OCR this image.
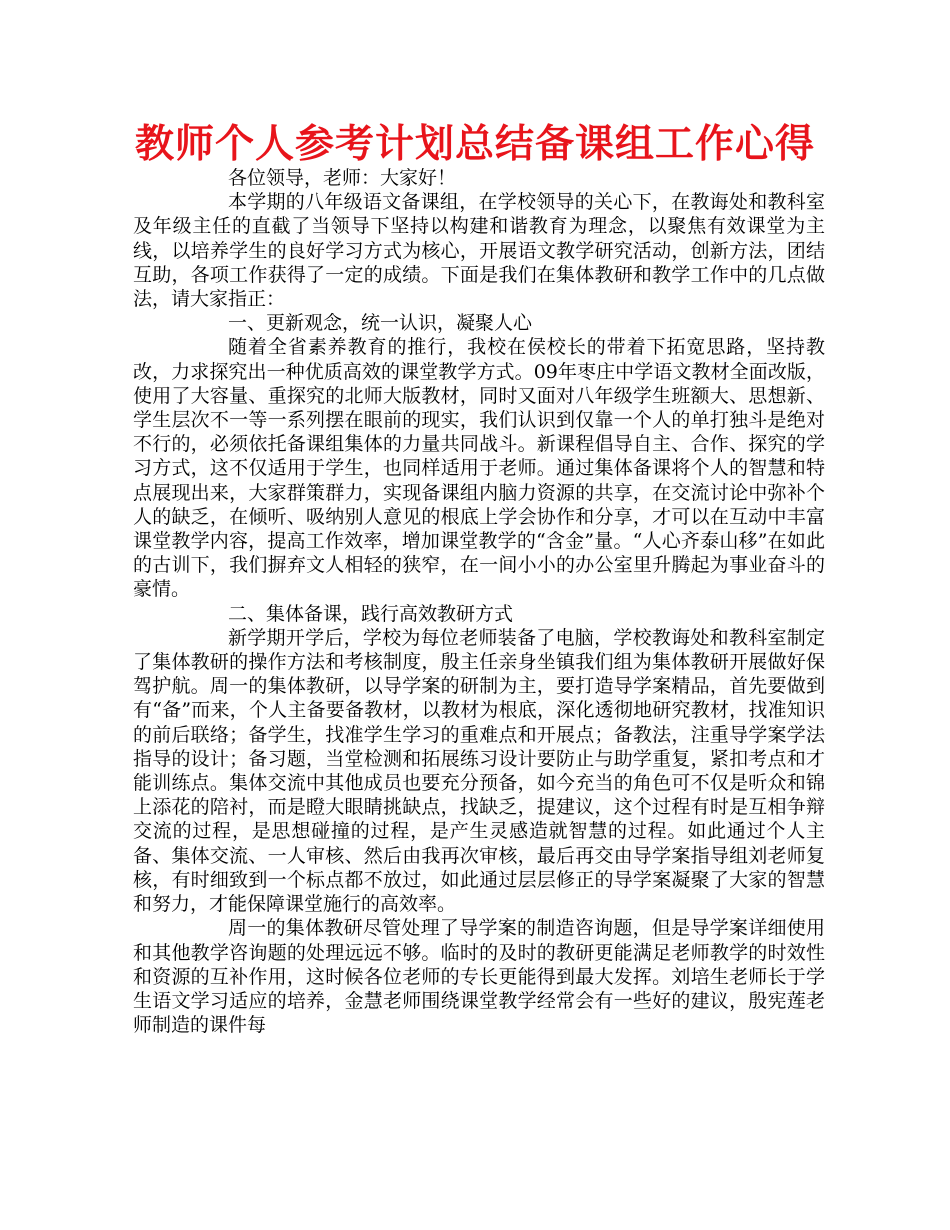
教师个人参考计划总结备课组工作心得

各位领导，老师：大家好！

本学期的八年级语文备课组，在学校领导的关心下，在教诲处和教科室及年级主任的直截了当领导下坚持以构建和谐教育为理念，以聚焦有效课堂为主线，以培养学生的良好学习方式为核心，开展语文教学研究活动，创新方法，团结互助，各项工作获得了一定的成绩。下面是我们在集体教研和教学工作中的几点做法，请大家指正：

一、更新观念，统一认识，凝聚人心

随着全省素养教育的推行，我校在侯校长的带着下拓宽思路，坚持教改，力求探究出一种优质高效的课堂教学方式。09年枣庄中学语文教材全面改版，使用了大容量、重探究的北师大版教材，同时又面对八年级学生班额大、思想新、学生层次不一等一系列摆在眼前的现实，我们认识到仅靠一个人的单打独斗是绝对不行的，必须依托备课组集体的力量共同战斗。新课程倡导自主、合作、探究的学习方式，这不仅适用于学生，也同样适用于老师。通过集体备课将个人的智慧和特点展现出来，大家群策群力，实现备课组内脑力资源的共享，在交流讨论中弥补个人的缺乏，在倾听、吸纳别人意见的根底上学会协作和分享，才可以在互动中丰富课堂教学内容，提高工作效率，增加课堂教学的“含金”量。“人心齐泰山移”在如此的古训下，我们摒弃文人相轻的狭窄，在一间小小的办公室里升腾起为事业奋斗的豪情。

二、集体备课，践行高效教研方式

新学期开学后，学校为每位老师装备了电脑，学校教诲处和教科室制定了集体教研的操作方法和考核制度，殷主任亲身坐镇我们组为集体教研开展做好保驾护航。周一的集体教研，以导学案的研制为主，要打造导学案精品，首先要做到有“备”而来，个人主备要备教材，以教材为根底，深化透彻地研究教材，找准知识的前后联络；备学生，找准学生学习的重难点和开展点；备教法，注重导学案学法指导的设计；备习题，当堂检测和拓展练习设计要防止与助学重复，紧扣考点和才能训练点。集体交流中其他成员也要充分预备，如今充当的角色可不仅是听众和锦上添花的陪衬，而是瞪大眼睛挑缺点，找缺乏，提建议，这个过程有时是互相争辩交流的过程，是思想碰撞的过程，是产生灵感造就智慧的过程。如此通过个人主备、集体交流、一人审核、然后由我再次审核，最后再交由导学案指导组刘老师复核，有时细致到一个标点都不放过，如此通过层层修正的导学案凝聚了大家的智慧和努力，才能保障课堂施行的高效率。

周一的集体教研尽管处理了导学案的制造咨询题，但是导学案详细使用和其他教学咨询题的处理远远不够。临时的及时的教研更能满足老师教学的时效性和资源的互补作用，这时候各位老师的专长更能得到最大发挥。刘培生老师长于学生语文学习适应的培养，金慧老师围绕课堂教学经常会有一些好的建议，殷宪莲老师制造的课件每
